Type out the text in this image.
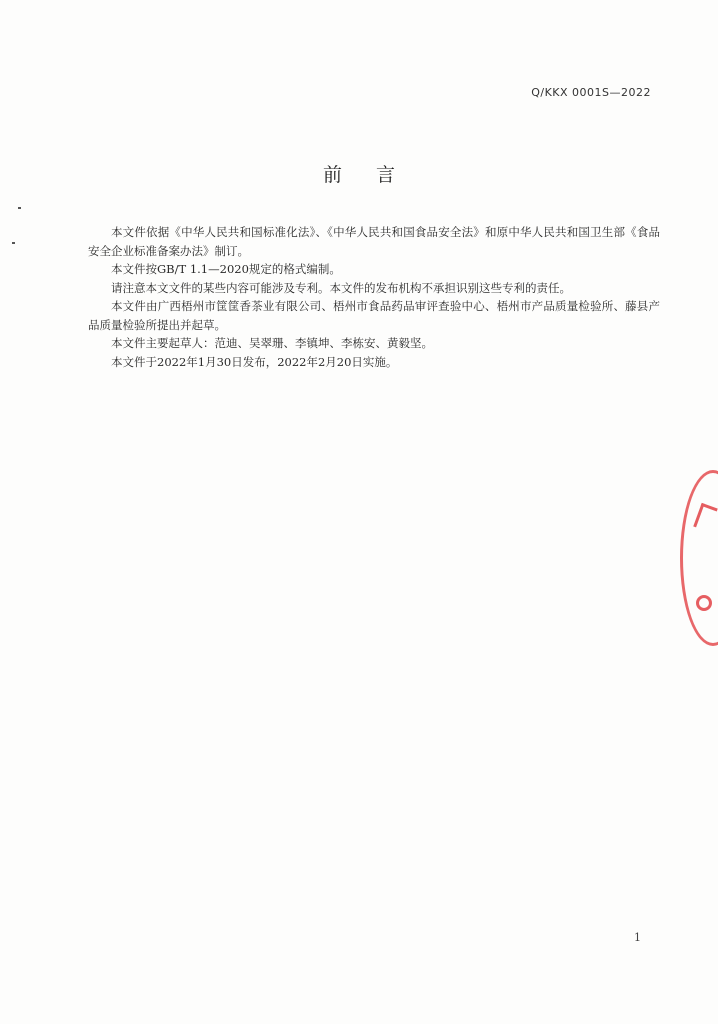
Q/KKX 0001S—2022
前言

本文件依据《中华人民共和国标准化法》、《中华人民共和国食品安全法》和原中华人民共和国卫生部《食品安全企业标准备案办法》制订。

本文件按GB/T 1.1—2020规定的格式编制。

请注意本文文件的某些内容可能涉及专利。本文件的发布机构不承担识别这些专利的责任。

本文件由广西梧州市筐筐香茶业有限公司、梧州市食品药品审评查验中心、梧州市产品质量检验所、藤县产品质量检验所提出并起草。

本文件主要起草人：范迪、吴翠珊、李镇坤、李栋安、黄毅坚。

本文件于2022年1月30日发布，2022年2月20日实施。

1
